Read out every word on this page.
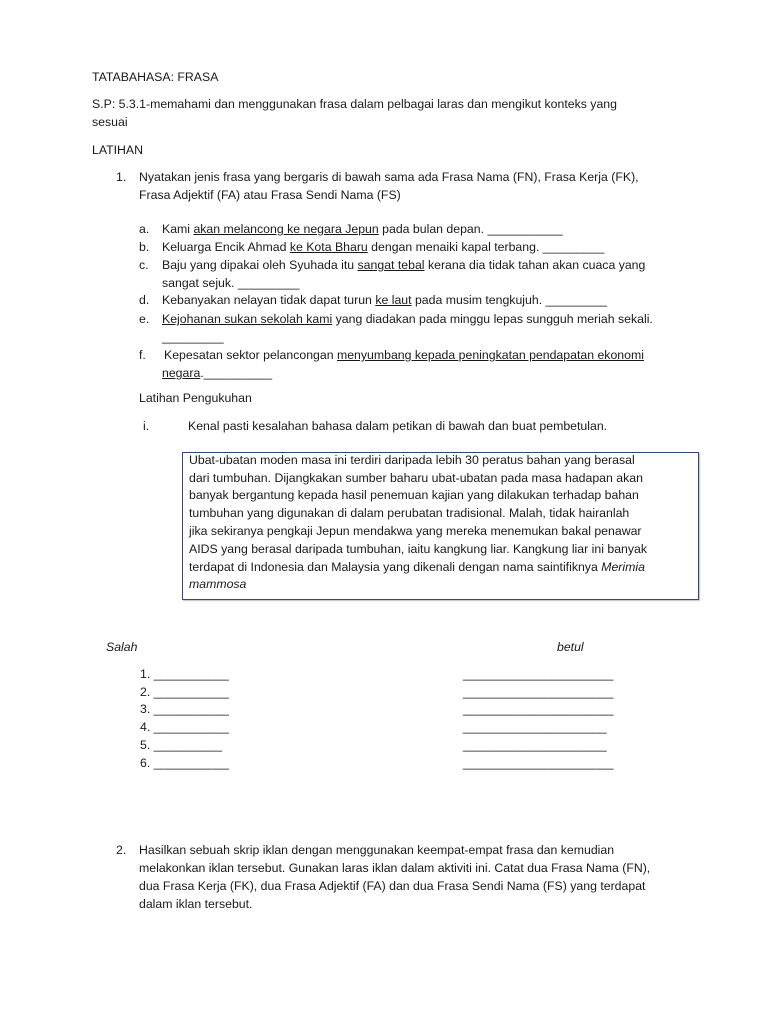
TATABAHASA: FRASA
S.P: 5.3.1-memahami dan menggunakan frasa dalam pelbagai laras dan mengikut konteks yang
sesuai
LATIHAN
1. Nyatakan jenis frasa yang bergaris di bawah sama ada Frasa Nama (FN), Frasa Kerja (FK),
Frasa Adjektif (FA) atau Frasa Sendi Nama (FS)
a. Kami akan melancong ke negara Jepun pada bulan depan. ___________
b. Keluarga Encik Ahmad ke Kota Bharu dengan menaiki kapal terbang. _________
c. Baju yang dipakai oleh Syuhada itu sangat tebal kerana dia tidak tahan akan cuaca yang
sangat sejuk. _________
d. Kebanyakan nelayan tidak dapat turun ke laut pada musim tengkujuh. _________
e. Kejohanan sukan sekolah kami yang diadakan pada minggu lepas sungguh meriah sekali.
_________
f. Kepesatan sektor pelancongan menyumbang kepada peningkatan pendapatan ekonomi
negara.__________
Latihan Pengukuhan
i.	Kenal pasti kesalahan bahasa dalam petikan di bawah dan buat pembetulan.
Ubat-ubatan moden masa ini terdiri daripada lebih 30 peratus bahan yang berasal
dari tumbuhan. Dijangkakan sumber baharu ubat-ubatan pada masa hadapan akan
banyak bergantung kepada hasil penemuan kajian yang dilakukan terhadap bahan
tumbuhan yang digunakan di dalam perubatan tradisional. Malah, tidak hairanlah
jika sekiranya pengkaji Jepun mendakwa yang mereka menemukan bakal penawar
AIDS yang berasal daripada tumbuhan, iaitu kangkung liar. Kangkung liar ini banyak
terdapat di Indonesia dan Malaysia yang dikenali dengan nama saintifiknya Merimia
mammosa
Salah	betul
1. ___________
2. ___________
3. ___________
4. ___________
5. __________
6. ___________
______________________
______________________
______________________
_____________________
_____________________
______________________
2. Hasilkan sebuah skrip iklan dengan menggunakan keempat-empat frasa dan kemudian
melakonkan iklan tersebut. Gunakan laras iklan dalam aktiviti ini. Catat dua Frasa Nama (FN),
dua Frasa Kerja (FK), dua Frasa Adjektif (FA) dan dua Frasa Sendi Nama (FS) yang terdapat
dalam iklan tersebut.
